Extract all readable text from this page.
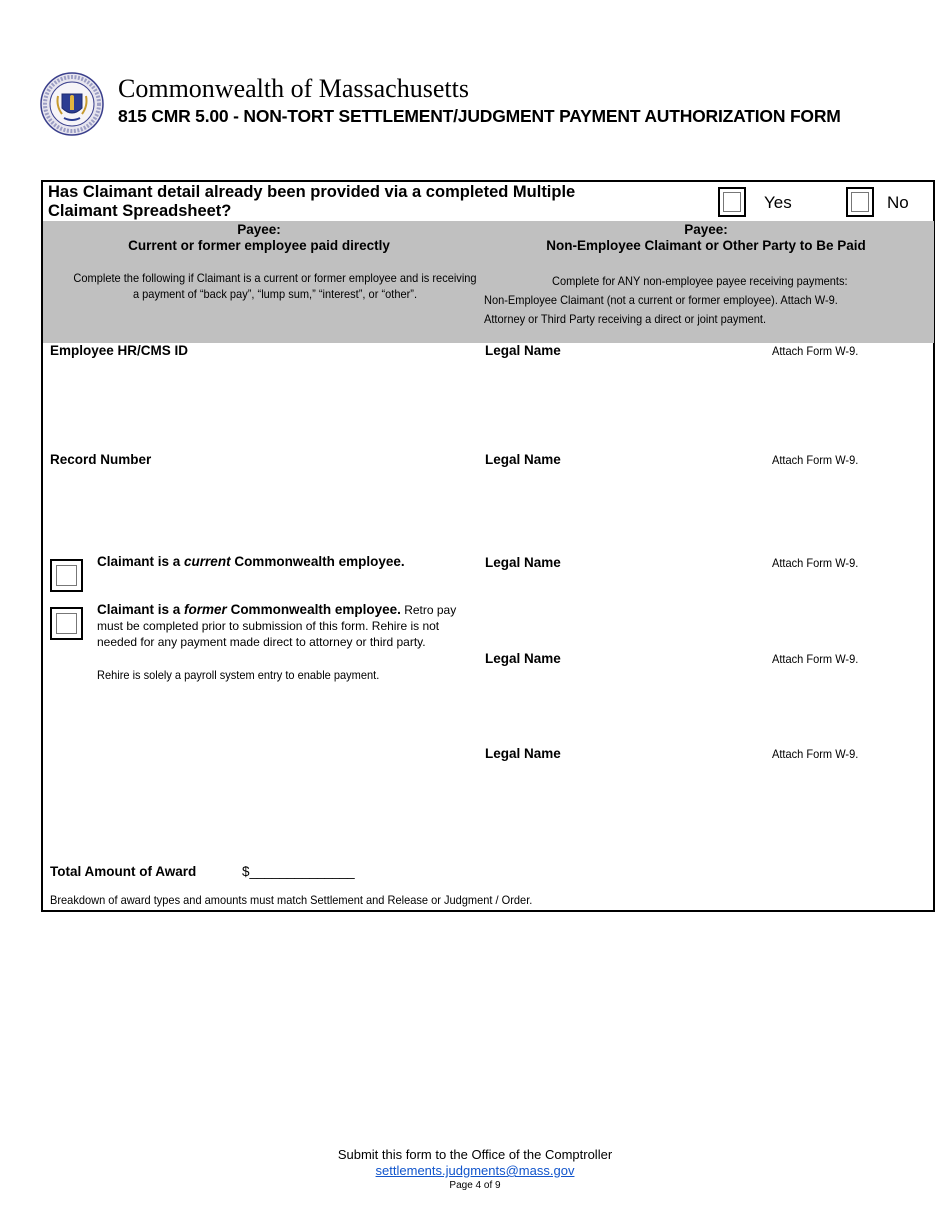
Commonwealth of Massachusetts
815 CMR 5.00 - NON-TORT SETTLEMENT/JUDGMENT PAYMENT AUTHORIZATION FORM
Has Claimant detail already been provided via a completed Multiple Claimant Spreadsheet?	Yes	No
Payee:
Current or former employee paid directly
Payee:
Non-Employee Claimant or Other Party to Be Paid
Complete the following if Claimant is a current or former employee and is receiving a payment of “back pay”, “lump sum,” “interest”, or “other”.
Complete for ANY non-employee payee receiving payments:
Non-Employee Claimant (not a current or former employee). Attach W-9.
Attorney or Third Party receiving a direct or joint payment.
Employee HR/CMS ID
Record Number
Legal Name	Attach Form W-9.
Legal Name	Attach Form W-9.
Legal Name	Attach Form W-9.
Legal Name	Attach Form W-9.
Legal Name	Attach Form W-9.
Claimant is a current Commonwealth employee.
Claimant is a former Commonwealth employee. Retro pay must be completed prior to submission of this form. Rehire is not needed for any payment made direct to attorney or third party.
Rehire is solely a payroll system entry to enable payment.
Total Amount of Award	$______________
Breakdown of award types and amounts must match Settlement and Release or Judgment / Order.
Submit this form to the Office of the Comptroller
settlements.judgments@mass.gov
Page 4 of 9
